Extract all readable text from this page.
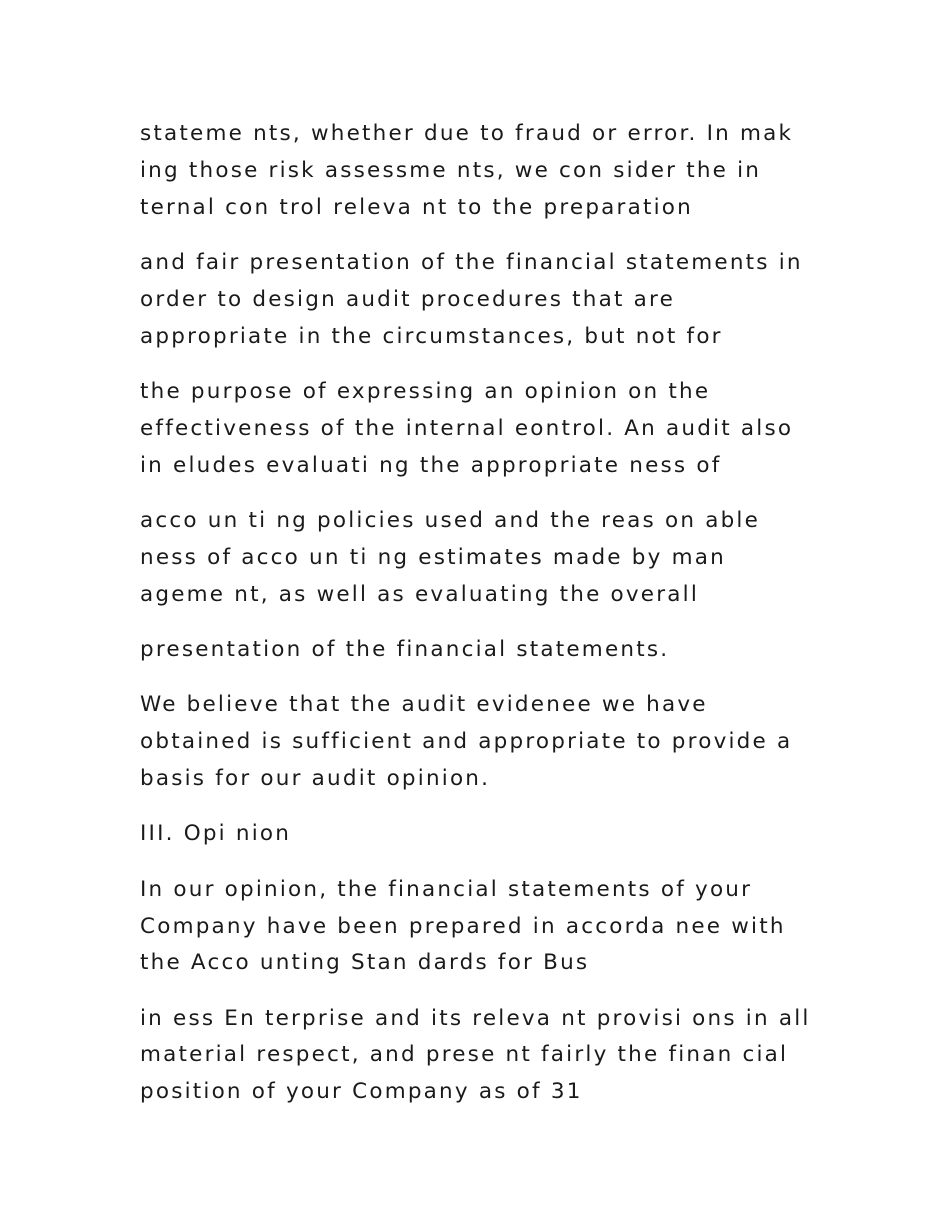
stateme nts, whether due to fraud or error. In mak
ing those risk assessme nts, we con sider the in
ternal con trol releva nt to the preparation
and fair presentation of the financial statements in
order to design audit procedures that are
appropriate in the circumstances, but not for
the purpose of expressing an opinion on the
effectiveness of the internal eontrol. An audit also
in eludes evaluati ng the appropriate ness of
acco un ti ng policies used and the reas on able
ness of acco un ti ng estimates made by man
ageme nt, as well as evaluating the overall
presentation of the financial statements.
We believe that the audit evidenee we have
obtained is sufficient and appropriate to provide a
basis for our audit opinion.
III. Opi nion
In our opinion, the financial statements of your
Company have been prepared in accorda nee with
the Acco unting Stan dards for Bus
in ess En terprise and its releva nt provisi ons in all
material respect, and prese nt fairly the finan cial
position of your Company as of 31
